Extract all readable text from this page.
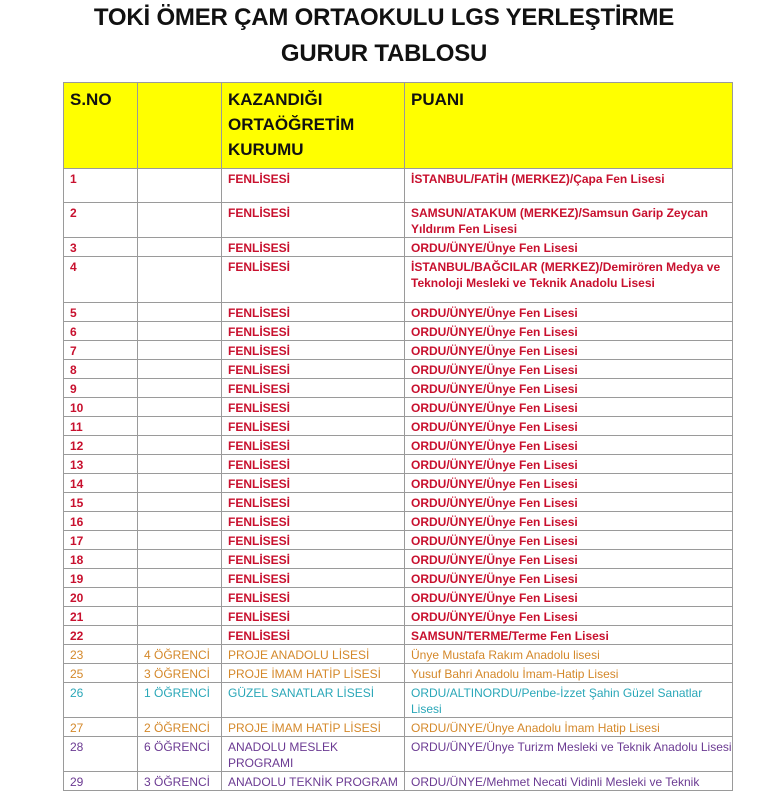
TOKİ ÖMER ÇAM ORTAOKULU LGS YERLEŞTİRME
GURUR TABLOSU
S.NO		KAZANDIĞI ORTAÖĞRETİM KURUMU	PUANI
1		FENLİSESİ	İSTANBUL/FATİH (MERKEZ)/Çapa Fen Lisesi
2		FENLİSESİ	SAMSUN/ATAKUM (MERKEZ)/Samsun Garip Zeycan Yıldırım Fen Lisesi
3		FENLİSESİ	ORDU/ÜNYE/Ünye Fen Lisesi
4		FENLİSESİ	İSTANBUL/BAĞCILAR (MERKEZ)/Demirören Medya ve Teknoloji Mesleki ve Teknik Anadolu Lisesi
5		FENLİSESİ	ORDU/ÜNYE/Ünye Fen Lisesi
6		FENLİSESİ	ORDU/ÜNYE/Ünye Fen Lisesi
7		FENLİSESİ	ORDU/ÜNYE/Ünye Fen Lisesi
8		FENLİSESİ	ORDU/ÜNYE/Ünye Fen Lisesi
9		FENLİSESİ	ORDU/ÜNYE/Ünye Fen Lisesi
10		FENLİSESİ	ORDU/ÜNYE/Ünye Fen Lisesi
11		FENLİSESİ	ORDU/ÜNYE/Ünye Fen Lisesi
12		FENLİSESİ	ORDU/ÜNYE/Ünye Fen Lisesi
13		FENLİSESİ	ORDU/ÜNYE/Ünye Fen Lisesi
14		FENLİSESİ	ORDU/ÜNYE/Ünye Fen Lisesi
15		FENLİSESİ	ORDU/ÜNYE/Ünye Fen Lisesi
16		FENLİSESİ	ORDU/ÜNYE/Ünye Fen Lisesi
17		FENLİSESİ	ORDU/ÜNYE/Ünye Fen Lisesi
18		FENLİSESİ	ORDU/ÜNYE/Ünye Fen Lisesi
19		FENLİSESİ	ORDU/ÜNYE/Ünye Fen Lisesi
20		FENLİSESİ	ORDU/ÜNYE/Ünye Fen Lisesi
21		FENLİSESİ	ORDU/ÜNYE/Ünye Fen Lisesi
22		FENLİSESİ	SAMSUN/TERME/Terme Fen Lisesi
23	4 ÖĞRENCİ	PROJE ANADOLU LİSESİ	Ünye Mustafa Rakım Anadolu lisesi
25	3 ÖĞRENCİ	PROJE İMAM HATİP LİSESİ	Yusuf Bahri Anadolu İmam-Hatip Lisesi
26	1 ÖĞRENCİ	GÜZEL SANATLAR LİSESİ	ORDU/ALTINORDU/Penbe-İzzet Şahin Güzel Sanatlar Lisesi
27	2 ÖĞRENCİ	PROJE İMAM HATİP LİSESİ	ORDU/ÜNYE/Ünye Anadolu İmam Hatip Lisesi
28	6 ÖĞRENCİ	ANADOLU MESLEK PROGRAMI	ORDU/ÜNYE/Ünye Turizm Mesleki ve Teknik Anadolu Lisesi
29	3 ÖĞRENCİ	ANADOLU TEKNİK PROGRAM	ORDU/ÜNYE/Mehmet Necati Vidinli Mesleki ve Teknik
